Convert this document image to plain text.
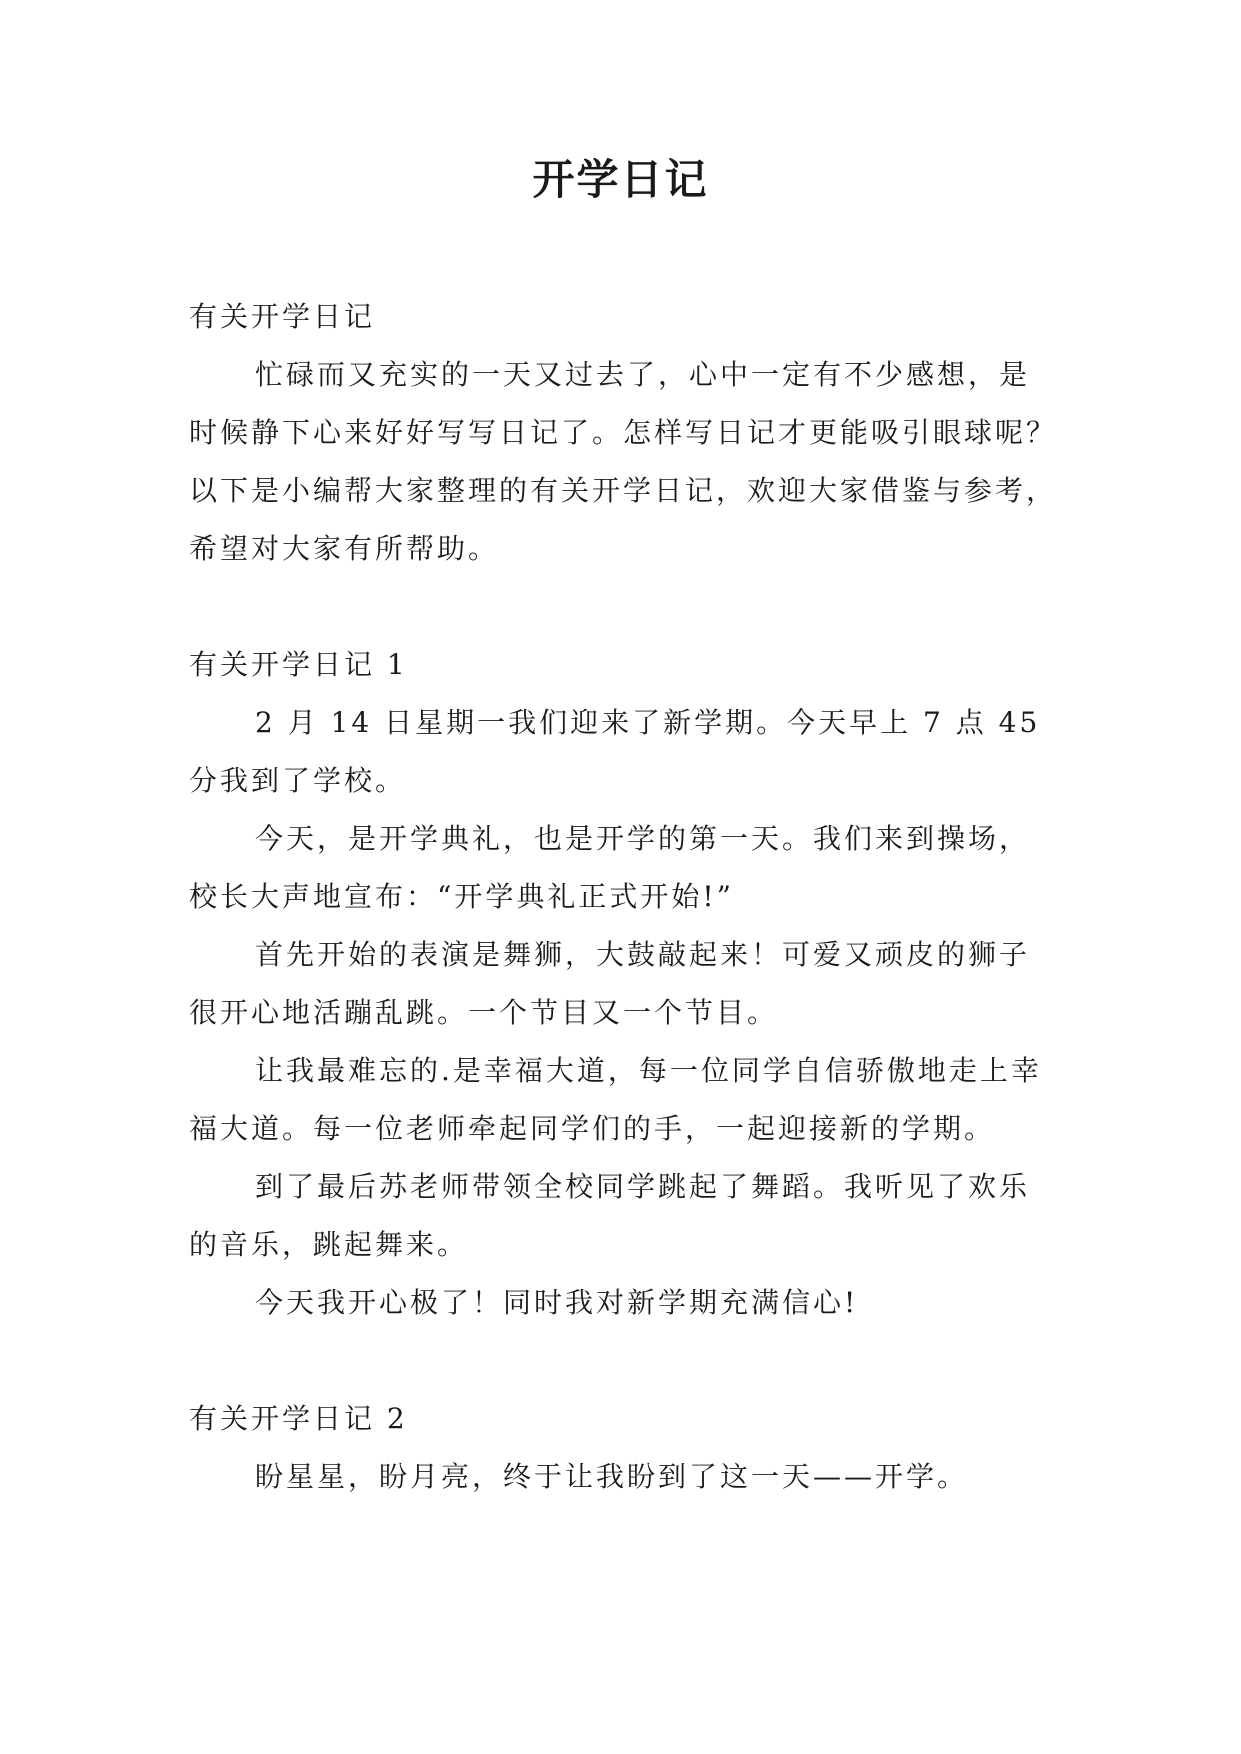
开学日记

有关开学日记

忙碌而又充实的一天又过去了，心中一定有不少感想，是时候静下心来好好写写日记了。怎样写日记才更能吸引眼球呢？以下是小编帮大家整理的有关开学日记，欢迎大家借鉴与参考，希望对大家有所帮助。

有关开学日记 1

2 月 14 日星期一我们迎来了新学期。今天早上 7 点 45 分我到了学校。

今天，是开学典礼，也是开学的第一天。我们来到操场，校长大声地宣布：“开学典礼正式开始!”

首先开始的表演是舞狮，大鼓敲起来！可爱又顽皮的狮子很开心地活蹦乱跳。一个节目又一个节目。

让我最难忘的.是幸福大道，每一位同学自信骄傲地走上幸福大道。每一位老师牵起同学们的手，一起迎接新的学期。

到了最后苏老师带领全校同学跳起了舞蹈。我听见了欢乐的音乐，跳起舞来。

今天我开心极了！同时我对新学期充满信心!

有关开学日记 2

盼星星，盼月亮，终于让我盼到了这一天——开学。
